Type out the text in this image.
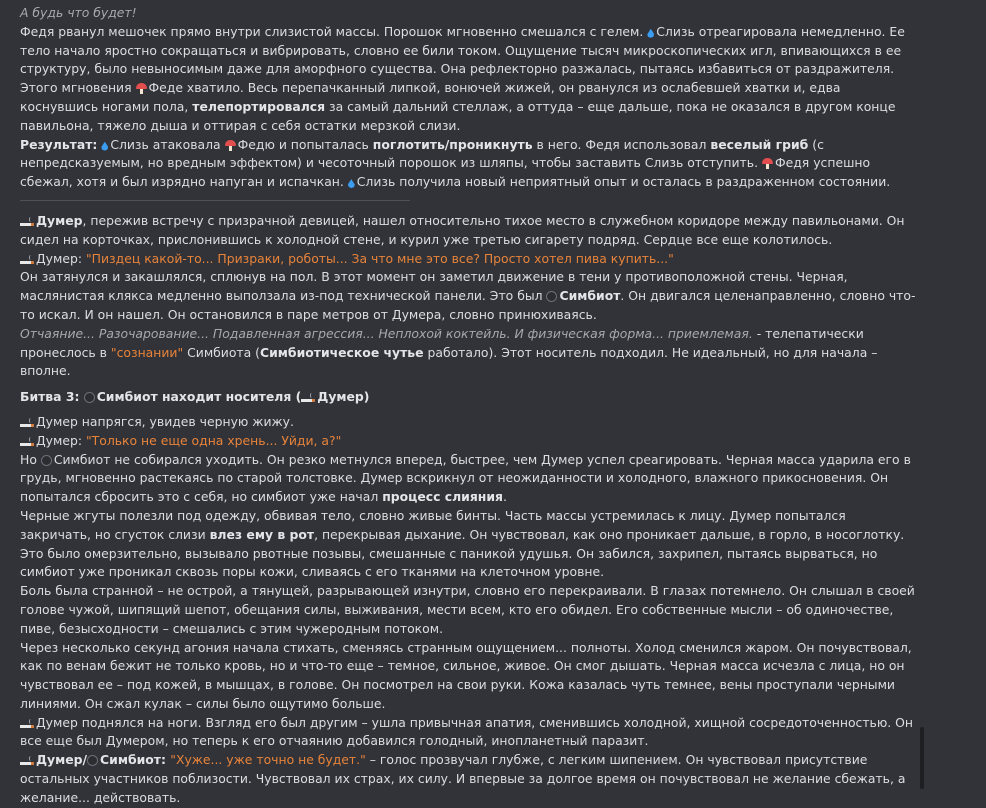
А будь что будет!

Федя рванул мешочек прямо внутри слизистой массы. Порошок мгновенно смешался с гелем. Слизь отреагировала немедленно. Ее тело начало яростно сокращаться и вибрировать, словно ее били током. Ощущение тысяч микроскопических игл, впивающихся в ее структуру, было невыносимым даже для аморфного существа. Она рефлекторно разжалась, пытаясь избавиться от раздражителя.

Этого мгновения Феде хватило. Весь перепачканный липкой, вонючей жижей, он рванулся из ослабевшей хватки и, едва коснувшись ногами пола, телепортировался за самый дальний стеллаж, а оттуда – еще дальше, пока не оказался в другом конце павильона, тяжело дыша и оттирая с себя остатки мерзкой слизи.

Результат: Слизь атаковала Федю и попыталась поглотить/проникнуть в него. Федя использовал веселый гриб (с непредсказуемым, но вредным эффектом) и чесоточный порошок из шляпы, чтобы заставить Слизь отступить. Федя успешно сбежал, хотя и был изрядно напуган и испачкан. Слизь получила новый неприятный опыт и осталась в раздраженном состоянии.

Думер, пережив встречу с призрачной девицей, нашел относительно тихое место в служебном коридоре между павильонами. Он сидел на корточках, прислонившись к холодной стене, и курил уже третью сигарету подряд. Сердце все еще колотилось.

Думер: "Пиздец какой-то... Призраки, роботы... За что мне это все? Просто хотел пива купить..."

Он затянулся и закашлялся, сплюнув на пол. В этот момент он заметил движение в тени у противоположной стены. Черная, маслянистая клякса медленно выползала из-под технической панели. Это был Симбиот. Он двигался целенаправленно, словно что-то искал. И он нашел. Он остановился в паре метров от Думера, словно принюхиваясь.

Отчаяние... Разочарование... Подавленная агрессия... Неплохой коктейль. И физическая форма... приемлемая. - телепатически пронеслось в "сознании" Симбиота (Симбиотическое чутье работало). Этот носитель подходил. Не идеальный, но для начала – вполне.

Битва 3: Симбиот находит носителя ( Думер)

Думер напрягся, увидев черную жижу.

Думер: "Только не еще одна хрень... Уйди, а?"

Но Симбиот не собирался уходить. Он резко метнулся вперед, быстрее, чем Думер успел среагировать. Черная масса ударила его в грудь, мгновенно растекаясь по старой толстовке. Думер вскрикнул от неожиданности и холодного, влажного прикосновения. Он попытался сбросить это с себя, но симбиот уже начал процесс слияния.

Черные жгуты полезли под одежду, обвивая тело, словно живые бинты. Часть массы устремилась к лицу. Думер попытался закричать, но сгусток слизи влез ему в рот, перекрывая дыхание. Он чувствовал, как оно проникает дальше, в горло, в носоглотку. Это было омерзительно, вызывало рвотные позывы, смешанные с паникой удушья. Он забился, захрипел, пытаясь вырваться, но симбиот уже проникал сквозь поры кожи, сливаясь с его тканями на клеточном уровне.

Боль была странной – не острой, а тянущей, разрывающей изнутри, словно его перекраивали. В глазах потемнело. Он слышал в своей голове чужой, шипящий шепот, обещания силы, выживания, мести всем, кто его обидел. Его собственные мысли – об одиночестве, пиве, безысходности – смешались с этим чужеродным потоком.

Через несколько секунд агония начала стихать, сменяясь странным ощущением... полноты. Холод сменился жаром. Он почувствовал, как по венам бежит не только кровь, но и что-то еще – темное, сильное, живое. Он смог дышать. Черная масса исчезла с лица, но он чувствовал ее – под кожей, в мышцах, в голове. Он посмотрел на свои руки. Кожа казалась чуть темнее, вены проступали черными линиями. Он сжал кулак – силы было ощутимо больше.

Думер поднялся на ноги. Взгляд его был другим – ушла привычная апатия, сменившись холодной, хищной сосредоточенностью. Он все еще был Думером, но теперь к его отчаянию добавился голодный, инопланетный паразит.

Думер/ Симбиот: "Хуже... уже точно не будет." – голос прозвучал глубже, с легким шипением. Он чувствовал присутствие остальных участников поблизости. Чувствовал их страх, их силу. И впервые за долгое время он почувствовал не желание сбежать, а желание... действовать.
